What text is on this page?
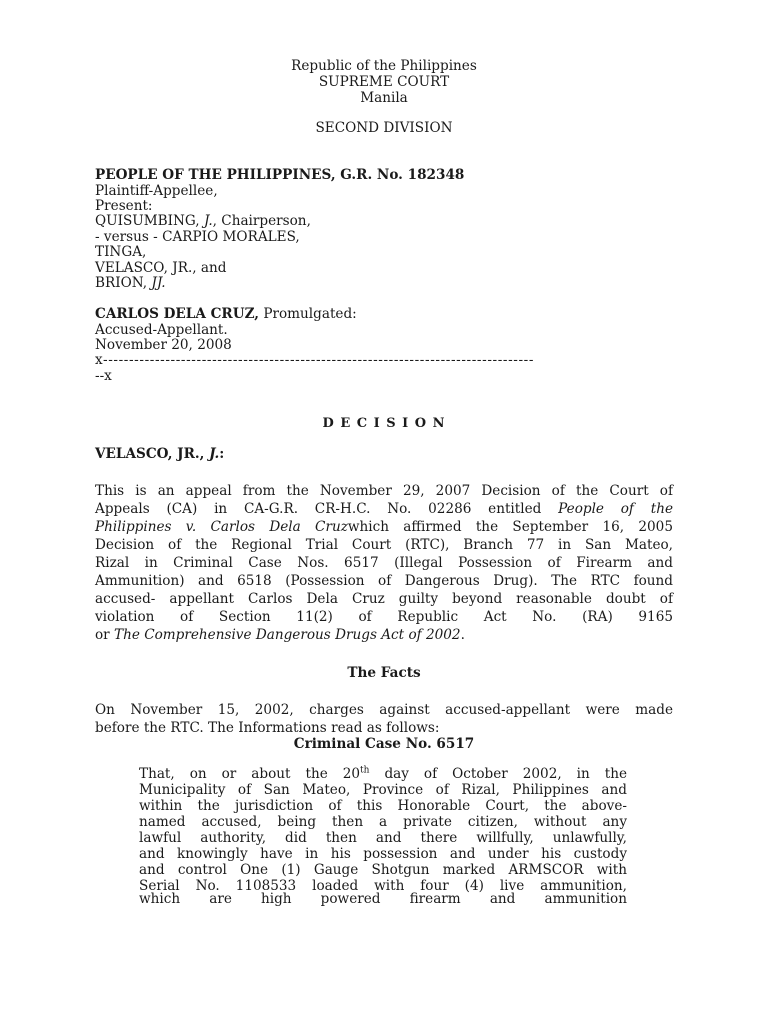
Republic of the Philippines
SUPREME COURT
Manila
SECOND DIVISION
PEOPLE OF THE PHILIPPINES, G.R. No. 182348
Plaintiff-Appellee,
Present:
QUISUMBING, J., Chairperson,
- versus - CARPIO MORALES,
TINGA,
VELASCO, JR., and
BRION, JJ.
CARLOS DELA CRUZ, Promulgated:
Accused-Appellant.
November 20, 2008
x-----------------------------------------------------------------------------------
--x
D E C I S I O N
VELASCO, JR., J.:
This is an appeal from the November 29, 2007 Decision of the Court of
Appeals (CA) in CA-G.R. CR-H.C. No. 02286 entitled People of the
Philippines v. Carlos Dela Cruzwhich affirmed the September 16, 2005
Decision of the Regional Trial Court (RTC), Branch 77 in San Mateo,
Rizal in Criminal Case Nos. 6517 (Illegal Possession of Firearm and
Ammunition) and 6518 (Possession of Dangerous Drug). The RTC found
accused- appellant Carlos Dela Cruz guilty beyond reasonable doubt of
violation of Section 11(2) of Republic Act No. (RA) 9165
or The Comprehensive Dangerous Drugs Act of 2002.
The Facts
On November 15, 2002, charges against accused-appellant were made
before the RTC. The Informations read as follows:
Criminal Case No. 6517
That, on or about the 20th day of October 2002, in the
Municipality of San Mateo, Province of Rizal, Philippines and
within the jurisdiction of this Honorable Court, the above-
named accused, being then a private citizen, without any
lawful authority, did then and there willfully, unlawfully,
and knowingly have in his possession and under his custody
and control One (1) Gauge Shotgun marked ARMSCOR with
Serial No. 1108533 loaded with four (4) live ammunition,
which are high powered firearm and ammunition
